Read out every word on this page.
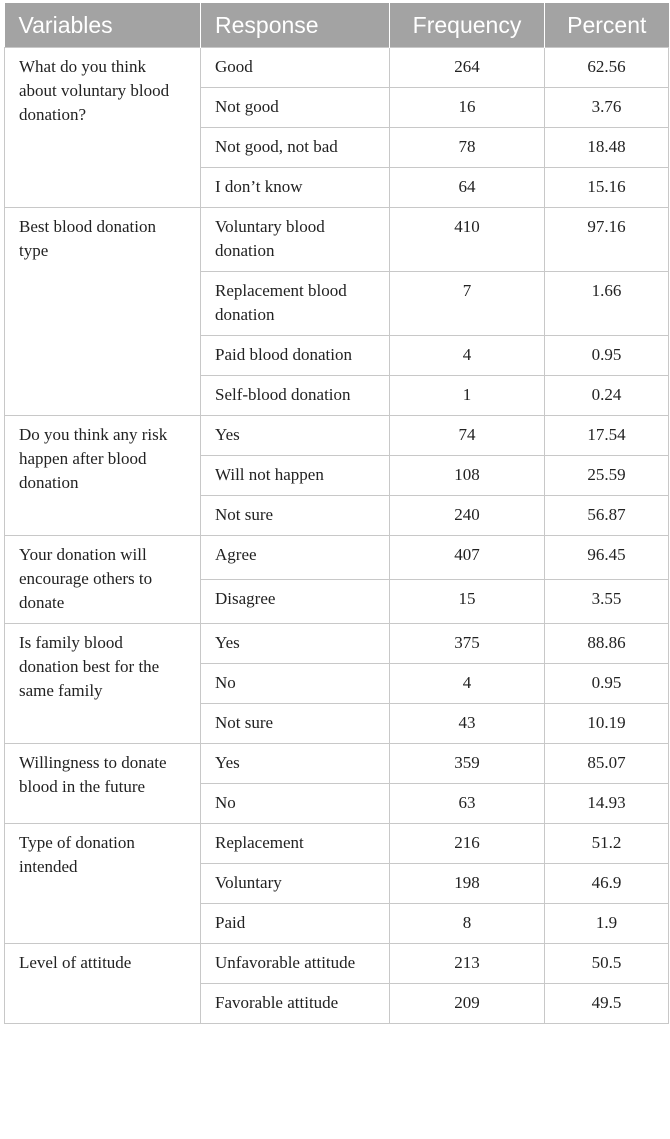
Variables	Response	Frequency	Percent
What do you think about voluntary blood donation?	Good	264	62.56
	Not good	16	3.76
	Not good, not bad	78	18.48
	I don’t know	64	15.16
Best blood donation type	Voluntary blood donation	410	97.16
	Replacement blood donation	7	1.66
	Paid blood donation	4	0.95
	Self-blood donation	1	0.24
Do you think any risk happen after blood donation	Yes	74	17.54
	Will not happen	108	25.59
	Not sure	240	56.87
Your donation will encourage others to donate	Agree	407	96.45
	Disagree	15	3.55
Is family blood donation best for the same family	Yes	375	88.86
	No	4	0.95
	Not sure	43	10.19
Willingness to donate blood in the future	Yes	359	85.07
	No	63	14.93
Type of donation intended	Replacement	216	51.2
	Voluntary	198	46.9
	Paid	8	1.9
Level of attitude	Unfavorable attitude	213	50.5
	Favorable attitude	209	49.5
